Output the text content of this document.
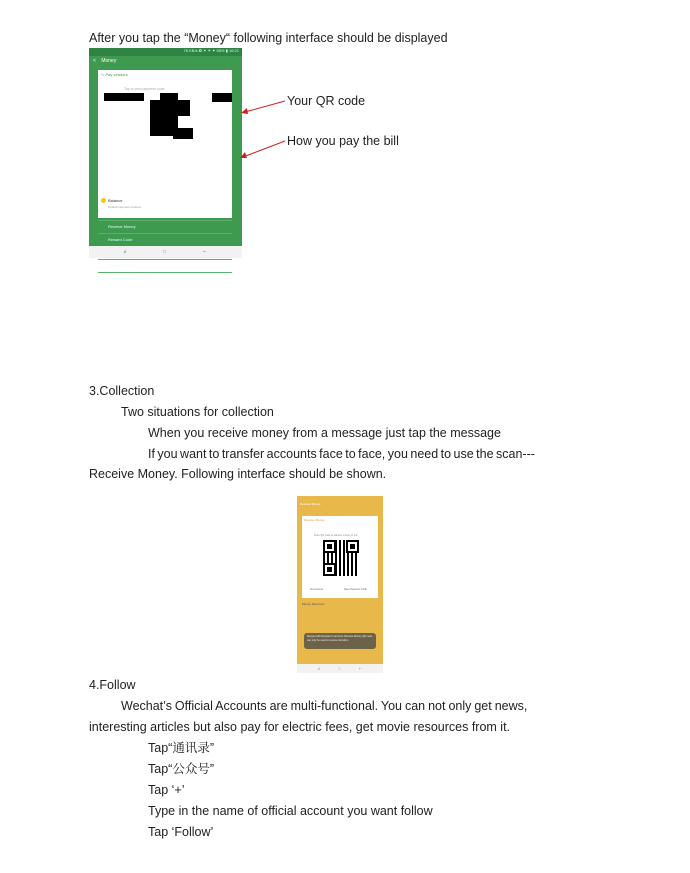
After you tap the “Money“ following interface should be displayed
76 KB/s ❂ ✶ ✶ ✶ 55% ▮ 16:21
< Money
∿ Pay vendors
Tap to view payment code
Balance
Default payment method
Receive Money
Reward Code
Packets Nearby
Transfer to Bank Card
↲	□	⇠
Your QR code
How you pay the bill
3.Collection
Two situations for collection
When you receive money from a message just tap the message
If you want to transfer accounts face to face, you need to use the scan---
Receive Money. Following interface should be shown.
Receive Money
Receive Money
Scan QR code to transfer money to me
Set Amount	Save Payment Code
Money Received
Merged with Recipient's account. Receive Money QR code can only be used to receive transfers.
↲	□	⇠
4.Follow
Wechat’s Official Accounts are multi-functional. You can not only get news,
interesting articles but also pay for electric fees, get movie resources from it.
Tap“通讯录”
Tap“公众号”
Tap ‘+’
Type in the name of official account you want follow
Tap ‘Follow’
